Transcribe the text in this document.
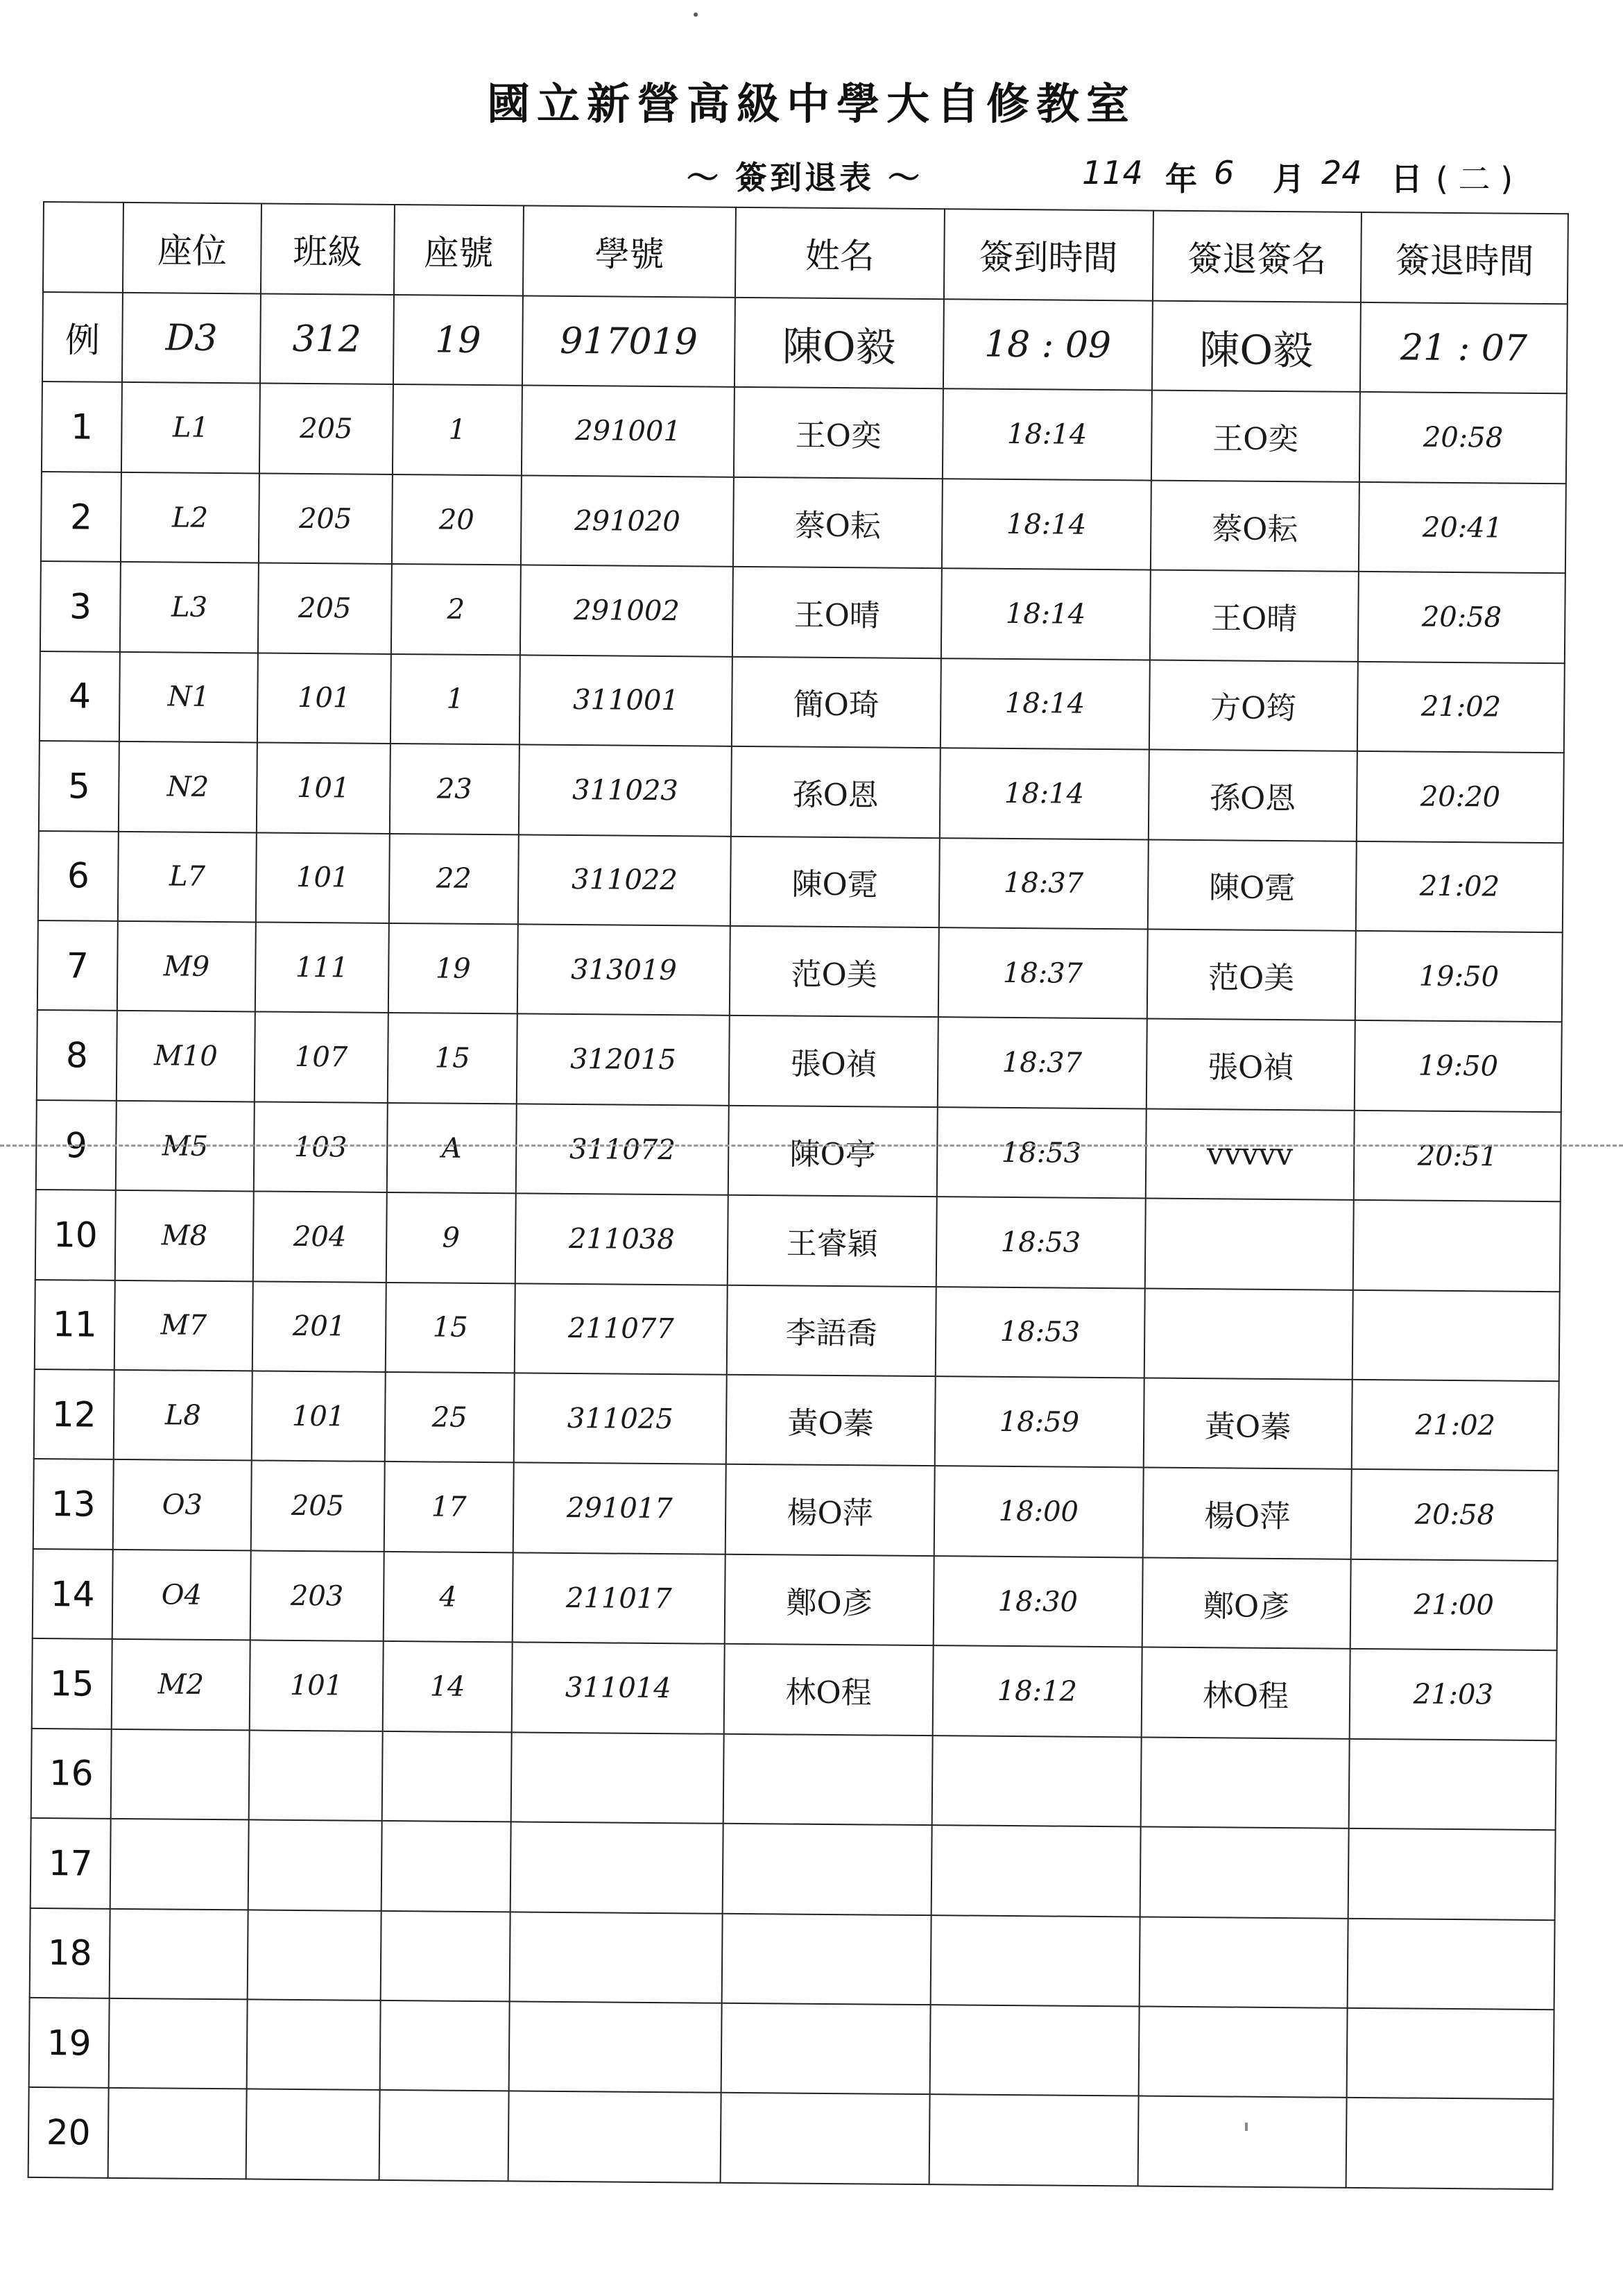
國立新營高級中學大自修教室
～ 簽到退表 ～	114 年 6 月 24 日 ( 二 )
	座位	班級	座號	學號	姓名	簽到時間	簽退簽名	簽退時間
例	D3	312	19	917019	陳O毅	18 : 09	陳O毅	21 : 07
1	L1	205	1	291001	王O奕	18:14	王O奕	20:58
2	L2	205	20	291020	蔡O耘	18:14	蔡O耘	20:41
3	L3	205	2	291002	王O晴	18:14	王O晴	20:58
4	N1	101	1	311001	簡O琦	18:14	方O筠	21:02
5	N2	101	23	311023	孫O恩	18:14	孫O恩	20:20
6	L7	101	22	311022	陳O霓	18:37	陳O霓	21:02
7	M9	111	19	313019	范O美	18:37	范O美	19:50
8	M10	107	15	312015	張O禎	18:37	張O禎	19:50
9	M5	103	A	311072	陳O亭	18:53	vvvvv	20:51
10	M8	204	9	211038	王睿穎	18:53		
11	M7	201	15	211077	李語喬	18:53		
12	L8	101	25	311025	黃O蓁	18:59	黃O蓁	21:02
13	O3	205	17	291017	楊O萍	18:00	楊O萍	20:58
14	O4	203	4	211017	鄭O彥	18:30	鄭O彥	21:00
15	M2	101	14	311014	林O程	18:12	林O程	21:03
16								
17								
18								
19								
20								
